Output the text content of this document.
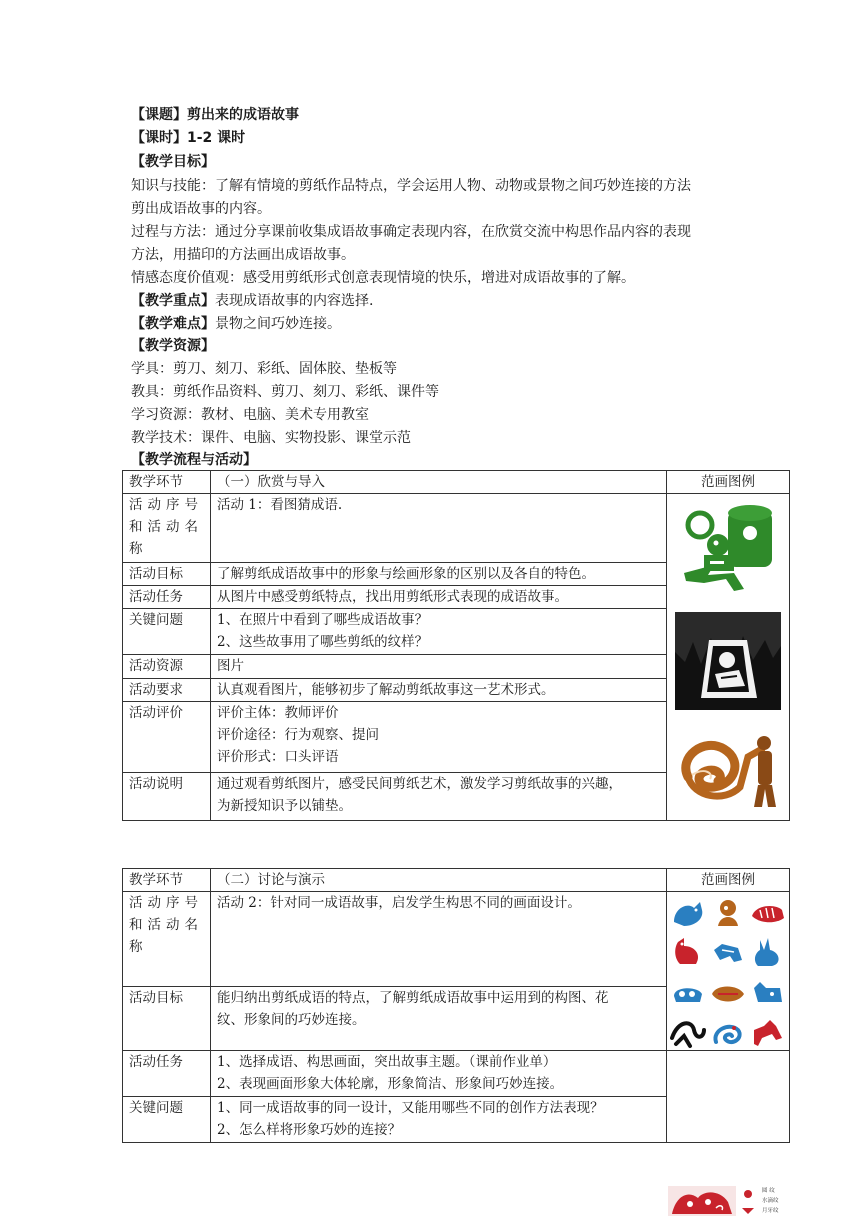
【课题】剪出来的成语故事
【课时】1-2 课时
【教学目标】
知识与技能：了解有情境的剪纸作品特点，学会运用人物、动物或景物之间巧妙连接的方法
剪出成语故事的内容。
过程与方法：通过分享课前收集成语故事确定表现内容，在欣赏交流中构思作品内容的表现
方法，用描印的方法画出成语故事。
情感态度价值观：感受用剪纸形式创意表现情境的快乐，增进对成语故事的了解。
【教学重点】表现成语故事的内容选择.
【教学难点】景物之间巧妙连接。
【教学资源】
学具：剪刀、刻刀、彩纸、固体胶、垫板等
教具：剪纸作品资料、剪刀、刻刀、彩纸、课件等
学习资源：教材、电脑、美术专用教室
教学技术：课件、电脑、实物投影、课堂示范
【教学流程与活动】
教学环节	（一）欣赏与导入	范画图例
活动序号和活动名称	活动 1：看图猜成语.	

活动目标	了解剪纸成语故事中的形象与绘画形象的区别以及各自的特色。	
活动任务	从图片中感受剪纸特点，找出用剪纸形式表现的成语故事。	
关键问题	1、在照片中看到了哪些成语故事？
2、这些故事用了哪些剪纸的纹样？	

活动资源	图片	
活动要求	认真观看图片，能够初步了解动剪纸故事这一艺术形式。	
活动评价	评价主体：教师评价
评价途径：行为观察、提问
评价形式：口头评语	

活动说明	通过观看剪纸图片，感受民间剪纸艺术，激发学习剪纸故事的兴趣，
为新授知识予以铺垫。	
教学环节	（二）讨论与演示	范画图例
活动序号和活动名称	活动 2：针对同一成语故事，启发学生构思不同的画面设计。	

活动目标	能归纳出剪纸成语的特点，了解剪纸成语故事中运用到的构图、花
纹、形象间的巧妙连接。	

活动任务	1、选择成语、构思画面，突出故事主题。（课前作业单）
2、表现画面形象大体轮廓，形象简洁、形象间巧妙连接。	

关键问题	1、同一成语故事的同一设计，又能用哪些不同的创作方法表现？
2、怎么样将形象巧妙的连接？	
圆 纹
水滴纹
月牙纹
